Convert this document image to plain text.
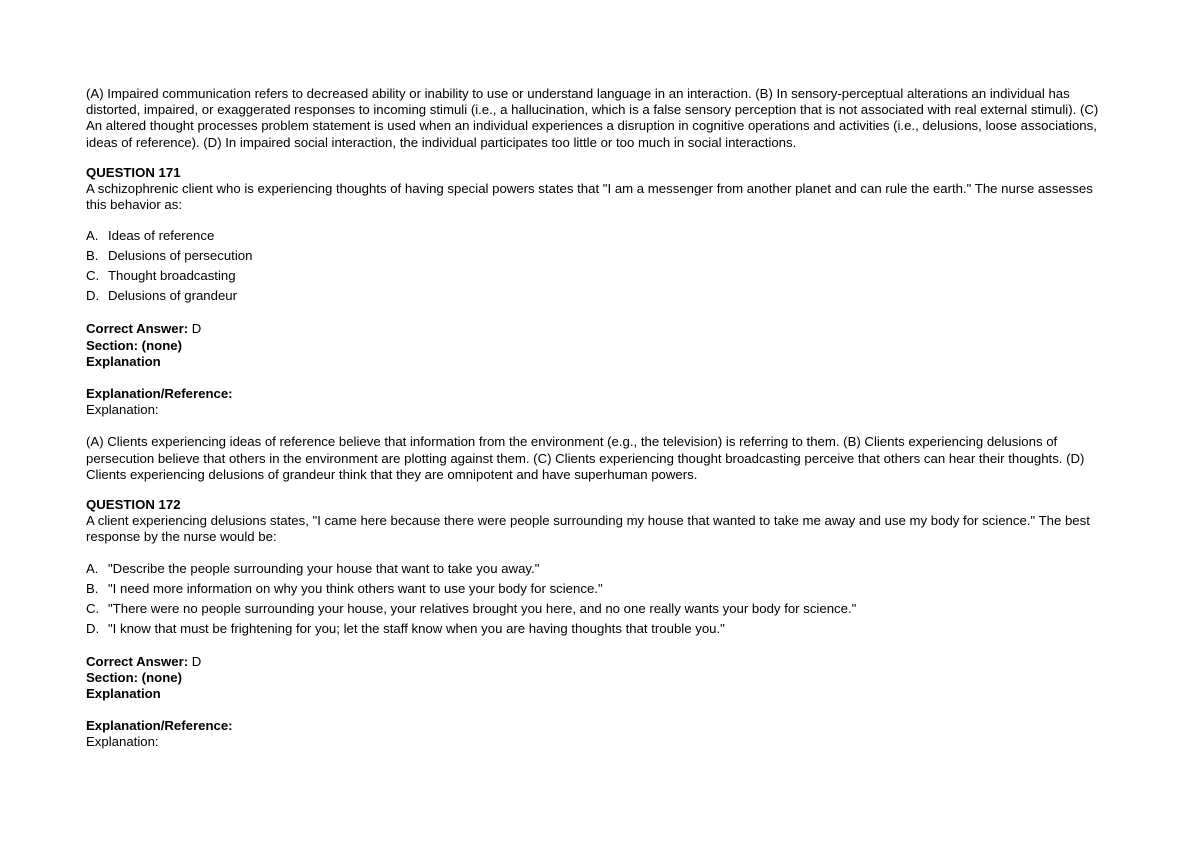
(A) Impaired communication refers to decreased ability or inability to use or understand language in an interaction. (B) In sensory-perceptual alterations an individual has distorted, impaired, or exaggerated responses to incoming stimuli (i.e., a hallucination, which is a false sensory perception that is not associated with real external stimuli). (C) An altered thought processes problem statement is used when an individual experiences a disruption in cognitive operations and activities (i.e., delusions, loose associations, ideas of reference). (D) In impaired social interaction, the individual participates too little or too much in social interactions.

QUESTION 171

A schizophrenic client who is experiencing thoughts of having special powers states that "I am a messenger from another planet and can rule the earth." The nurse assesses this behavior as:

A. Ideas of reference
B. Delusions of persecution
C. Thought broadcasting
D. Delusions of grandeur

Correct Answer: D

Section: (none)

Explanation

Explanation/Reference:

Explanation:

(A) Clients experiencing ideas of reference believe that information from the environment (e.g., the television) is referring to them. (B) Clients experiencing delusions of persecution believe that others in the environment are plotting against them. (C) Clients experiencing thought broadcasting perceive that others can hear their thoughts. (D) Clients experiencing delusions of grandeur think that they are omnipotent and have superhuman powers.

QUESTION 172

A client experiencing delusions states, "I came here because there were people surrounding my house that wanted to take me away and use my body for science." The best response by the nurse would be:

A. "Describe the people surrounding your house that want to take you away."
B. "I need more information on why you think others want to use your body for science."
C. "There were no people surrounding your house, your relatives brought you here, and no one really wants your body for science."
D. "I know that must be frightening for you; let the staff know when you are having thoughts that trouble you."

Correct Answer: D

Section: (none)

Explanation

Explanation/Reference:

Explanation:
